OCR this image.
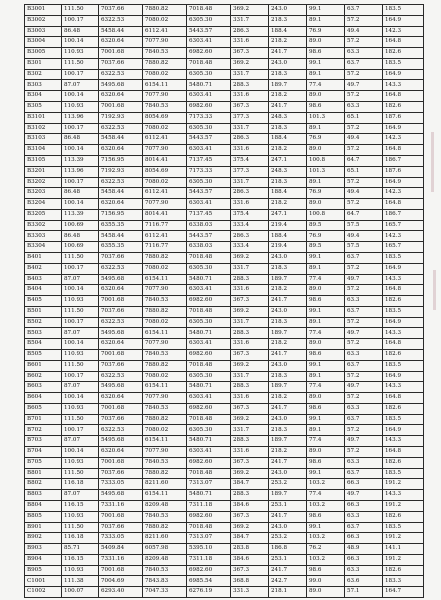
B3001	111.50	7037.66	7880.82	7018.48	369.2	243.0	99.1	63.7	183.5
B3002	100.17	6322.53	7080.02	6305.30	331.7	218.3	89.1	57.2	164.9
B3003	86.48	5458.44	6112.41	5443.57	286.3	188.4	76.9	49.4	142.3
B3004	100.14	6320.64	7077.90	6303.41	331.6	218.2	89.0	57.2	164.8
B3005	110.93	7001.68	7840.53	6982.60	367.3	241.7	98.6	63.3	182.6
B301	111.50	7037.66	7880.82	7018.48	369.2	243.0	99.1	63.7	183.5
B302	100.17	6322.53	7080.02	6305.30	331.7	218.3	89.1	57.2	164.9
B303	87.07	5495.68	6154.11	5480.71	288.3	189.7	77.4	49.7	143.3
B304	100.14	6320.64	7077.90	6303.41	331.6	218.2	89.0	57.2	164.8
B305	110.93	7001.68	7840.53	6982.60	367.3	241.7	98.6	63.3	182.6
B3101	113.96	7192.93	8054.69	7173.33	377.3	248.3	101.3	65.1	187.6
B3102	100.17	6322.53	7080.02	6305.30	331.7	218.3	89.1	57.2	164.9
B3103	86.48	5458.44	6112.41	5443.57	286.3	188.4	76.9	49.4	142.3
B3104	100.14	6320.64	7077.90	6303.41	331.6	218.2	89.0	57.2	164.8
B3105	113.39	7156.95	8014.41	7137.45	375.4	247.1	100.8	64.7	186.7
B3201	113.96	7192.93	8054.69	7173.33	377.3	248.3	101.3	65.1	187.6
B3202	100.17	6322.53	7080.02	6305.30	331.7	218.3	89.1	57.2	164.9
B3203	86.48	5458.44	6112.41	5443.57	286.3	188.4	76.9	49.4	142.3
B3204	100.14	6320.64	7077.90	6303.41	331.6	218.2	89.0	57.2	164.8
B3205	113.39	7156.95	8014.41	7137.45	375.4	247.1	100.8	64.7	186.7
B3302	100.69	6355.35	7116.77	6338.03	333.4	219.4	89.5	57.5	165.7
B3303	86.48	5458.44	6112.41	5443.57	286.3	188.4	76.9	49.4	142.3
B3304	100.69	6355.35	7116.77	6338.03	333.4	219.4	89.5	57.5	165.7
B401	111.50	7037.66	7880.82	7018.48	369.2	243.0	99.1	63.7	183.5
B402	100.17	6322.53	7080.02	6305.30	331.7	218.3	89.1	57.2	164.9
B403	87.07	5495.68	6154.11	5480.71	288.3	189.7	77.4	49.7	143.3
B404	100.14	6320.64	7077.90	6303.41	331.6	218.2	89.0	57.2	164.8
B405	110.93	7001.68	7840.53	6982.60	367.3	241.7	98.6	63.3	182.6
B501	111.50	7037.66	7880.82	7018.48	369.2	243.0	99.1	63.7	183.5
B502	100.17	6322.53	7080.02	6305.30	331.7	218.3	89.1	57.2	164.9
B503	87.07	5495.68	6154.11	5480.71	288.3	189.7	77.4	49.7	143.3
B504	100.14	6320.64	7077.90	6303.41	331.6	218.2	89.0	57.2	164.8
B505	110.93	7001.68	7840.53	6982.60	367.3	241.7	98.6	63.3	182.6
B601	111.50	7037.66	7880.82	7018.48	369.2	243.0	99.1	63.7	183.5
B602	100.17	6322.53	7080.02	6305.30	331.7	218.3	89.1	57.2	164.9
B603	87.07	5495.68	6154.11	5480.71	288.3	189.7	77.4	49.7	143.3
B604	100.14	6320.64	7077.90	6303.41	331.6	218.2	89.0	57.2	164.8
B605	110.93	7001.68	7840.53	6982.60	367.3	241.7	98.6	63.3	182.6
B701	111.50	7037.66	7880.82	7018.48	369.2	243.0	99.1	63.7	183.5
B702	100.17	6322.53	7080.02	6305.30	331.7	218.3	89.1	57.2	164.9
B703	87.07	5495.68	6154.11	5480.71	288.3	189.7	77.4	49.7	143.3
B704	100.14	6320.64	7077.90	6303.41	331.6	218.2	89.0	57.2	164.8
B705	110.93	7001.68	7840.53	6982.60	367.3	241.7	98.6	63.3	182.6
B801	111.50	7037.66	7880.82	7018.48	369.2	243.0	99.1	63.7	183.5
B802	116.18	7333.05	8211.60	7313.07	384.7	253.2	103.2	66.3	191.2
B803	87.07	5495.68	6154.11	5480.71	288.3	189.7	77.4	49.7	143.3
B804	116.15	7331.16	8209.48	7311.18	384.6	253.1	103.2	66.3	191.2
B805	110.93	7001.68	7840.53	6982.60	367.3	241.7	98.6	63.3	182.6
B901	111.50	7037.66	7880.82	7018.48	369.2	243.0	99.1	63.7	183.5
B902	116.18	7333.05	8211.60	7313.07	384.7	253.2	103.2	66.3	191.2
B903	85.71	5409.84	6057.98	5395.10	283.8	186.8	76.2	48.9	141.1
B904	116.15	7331.16	8209.48	7311.18	384.6	253.1	103.2	66.3	191.2
B905	110.93	7001.68	7840.53	6982.60	367.3	241.7	98.6	63.3	182.6
C1001	111.38	7004.69	7843.83	6985.54	368.8	242.7	99.0	63.6	183.3
C1002	100.07	6293.40	7047.33	6276.19	331.3	218.1	89.0	57.1	164.7
